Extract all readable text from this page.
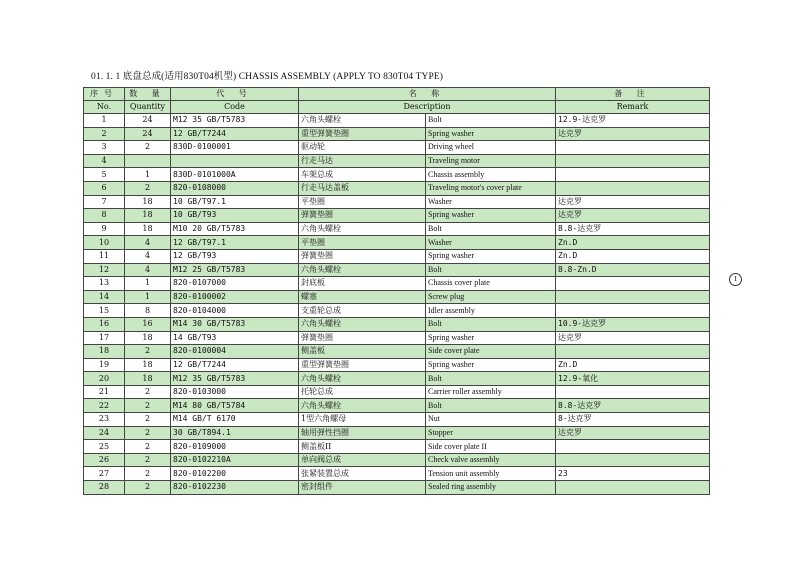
01. 1. 1 底盘总成(适用830T04机型) CHASSIS ASSEMBLY (APPLY TO 830T04 TYPE)
序号	数 量	代 号	名 称		备 注
No.	Quantity	Code	Description		Remark
1	24	M12 35 GB/T5783	六角头螺栓	Bolt	12.9-达克罗
2	24	12 GB/T7244	重型弹簧垫圈	Spring washer	达克罗
3	2	830D-0100001	驱动轮	Driving wheel	
4			行走马达	Traveling motor	
5	1	830D-0101000A	车架总成	Chassis assembly	
6	2	820-0108000	行走马达盖板	Traveling motor's cover plate	
7	18	10 GB/T97.1	平垫圈	Washer	达克罗
8	18	10 GB/T93	弹簧垫圈	Spring washer	达克罗
9	18	M10 20 GB/T5783	六角头螺栓	Bolt	8.8-达克罗
10	4	12 GB/T97.1	平垫圈	Washer	Zn.D
11	4	12 GB/T93	弹簧垫圈	Spring washer	Zn.D
12	4	M12 25 GB/T5783	六角头螺栓	Bolt	8.8-Zn.D
13	1	820-0107000	封底板	Chassis cover plate	
14	1	820-0100002	螺塞	Screw plug	
15	8	820-0104000	支重轮总成	Idler assembly	
16	16	M14 30 GB/T5783	六角头螺栓	Bolt	10.9-达克罗
17	18	14 GB/T93	弹簧垫圈	Spring washer	达克罗
18	2	820-0100004	侧盖板	Side cover plate	
19	18	12 GB/T7244	重型弹簧垫圈	Spring washer	Zn.D
20	18	M12 35 GB/T5783	六角头螺栓	Bolt	12.9-氧化
21	2	820-0103000	托轮总成	Carrier roller assembly	
22	2	M14 80 GB/T5784	六角头螺栓	Bolt	8.8-达克罗
23	2	M14 GB/T 6170	1型六角螺母	Nut	8-达克罗
24	2	30 GB/T894.1	轴用弹性挡圈	Stopper	达克罗
25	2	820-0109000	侧盖板II	Side cover plate II	
26	2	820-0102210A	单向阀总成	Check valve assembly	
27	2	820-0102200	张紧装置总成	Tension unit assembly	23
28	2	820-0102230	密封组件	Sealed ring assembly	
I
